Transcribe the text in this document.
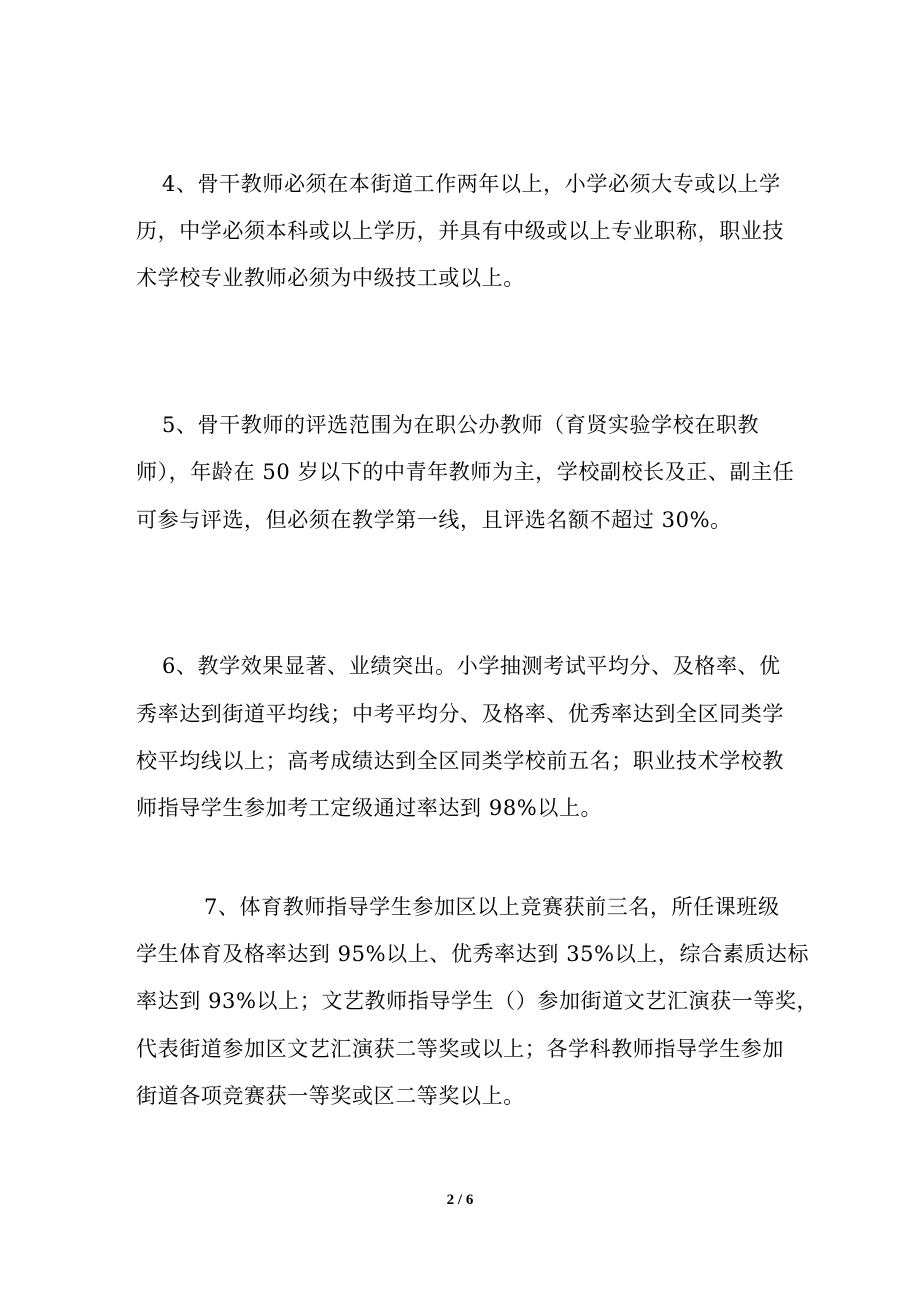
4、骨干教师必须在本街道工作两年以上，小学必须大专或以上学
历，中学必须本科或以上学历，并具有中级或以上专业职称，职业技
术学校专业教师必须为中级技工或以上。
5、骨干教师的评选范围为在职公办教师（育贤实验学校在职教
师），年龄在 50 岁以下的中青年教师为主，学校副校长及正、副主任
可参与评选，但必须在教学第一线，且评选名额不超过 30%。
6、教学效果显著、业绩突出。小学抽测考试平均分、及格率、优
秀率达到街道平均线；中考平均分、及格率、优秀率达到全区同类学
校平均线以上；高考成绩达到全区同类学校前五名；职业技术学校教
师指导学生参加考工定级通过率达到 98%以上。
7、体育教师指导学生参加区以上竞赛获前三名，所任课班级
学生体育及格率达到 95%以上、优秀率达到 35%以上，综合素质达标
率达到 93%以上；文艺教师指导学生（）参加街道文艺汇演获一等奖，
代表街道参加区文艺汇演获二等奖或以上；各学科教师指导学生参加
街道各项竞赛获一等奖或区二等奖以上。
2 / 6
